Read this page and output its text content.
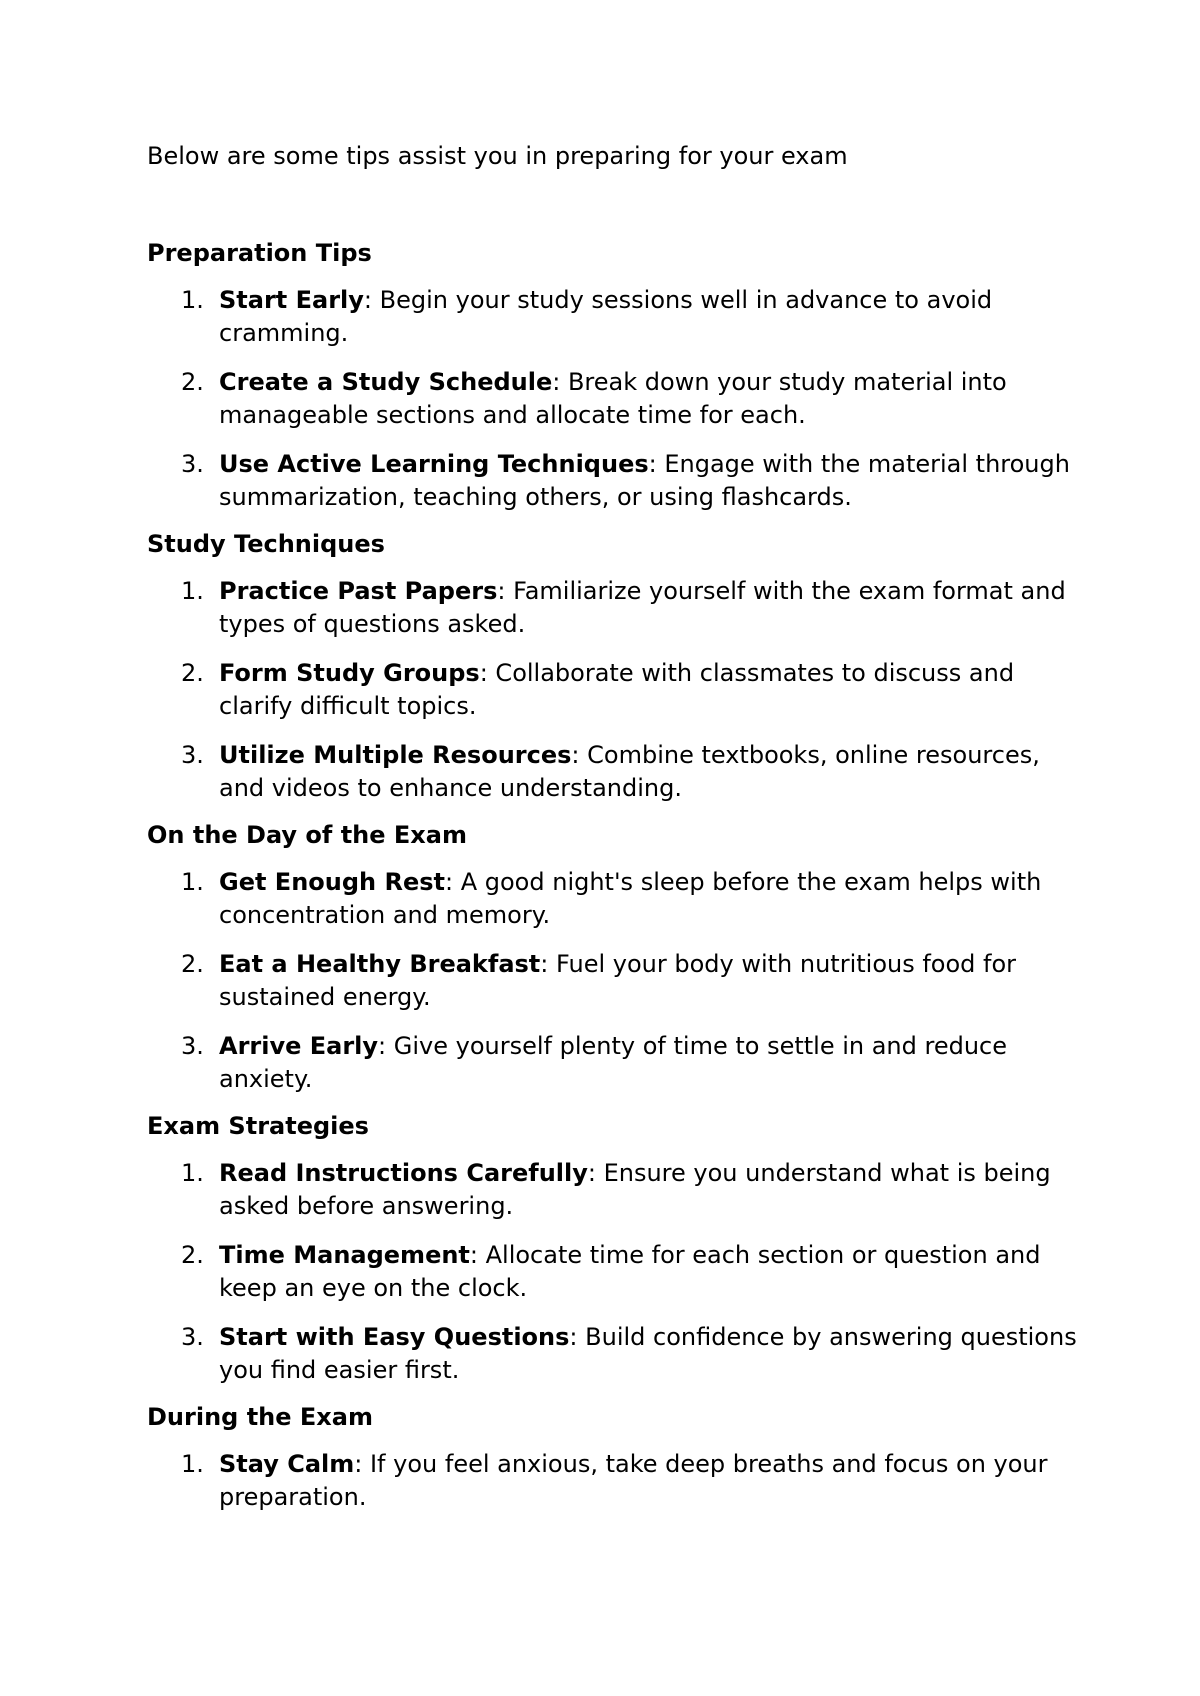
Below are some tips assist you in preparing for your exam

Preparation Tips
1. Start Early: Begin your study sessions well in advance to avoid cramming.
2. Create a Study Schedule: Break down your study material into manageable sections and allocate time for each.
3. Use Active Learning Techniques: Engage with the material through summarization, teaching others, or using flashcards.
Study Techniques
1. Practice Past Papers: Familiarize yourself with the exam format and types of questions asked.
2. Form Study Groups: Collaborate with classmates to discuss and clarify difficult topics.
3. Utilize Multiple Resources: Combine textbooks, online resources, and videos to enhance understanding.
On the Day of the Exam
1. Get Enough Rest: A good night's sleep before the exam helps with concentration and memory.
2. Eat a Healthy Breakfast: Fuel your body with nutritious food for sustained energy.
3. Arrive Early: Give yourself plenty of time to settle in and reduce anxiety.
Exam Strategies
1. Read Instructions Carefully: Ensure you understand what is being asked before answering.
2. Time Management: Allocate time for each section or question and keep an eye on the clock.
3. Start with Easy Questions: Build confidence by answering questions you find easier first.
During the Exam
1. Stay Calm: If you feel anxious, take deep breaths and focus on your preparation.
